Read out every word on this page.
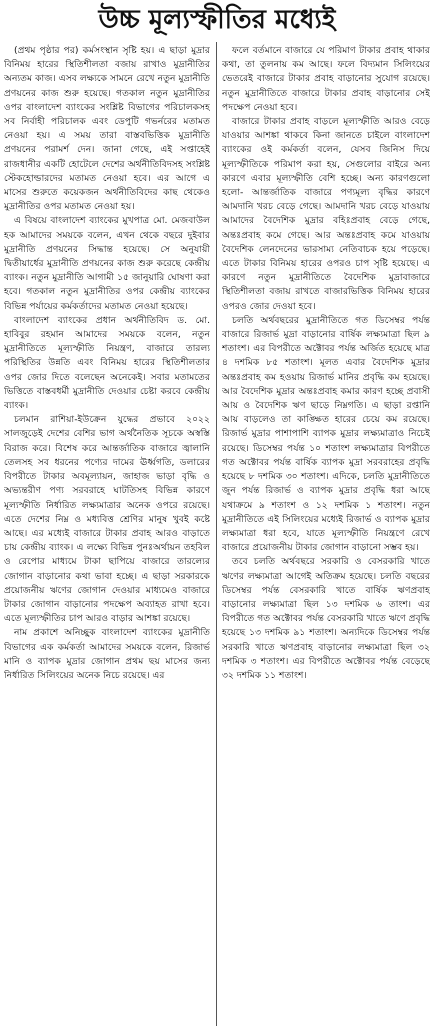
উচ্চ মূল্যস্ফীতির মধ্যেই

(প্রথম পৃষ্ঠার পর) কর্মসংস্থান সৃষ্টি হয়। এ ছাড়া মুদ্রার বিনিময় হারের স্থিতিশীলতা বজায় রাখাও মুদ্রানীতির অন্যতম কাজ। এসব লক্ষ্যকে সামনে রেখে নতুন মুদ্রানীতি প্রণয়নের কাজ শুরু হয়েছে। গতকাল নতুন মুদ্রানীতির ওপর বাংলাদেশ ব্যাংকের সংশ্লিষ্ট বিভাগের পরিচালকসহ সব নির্বাহী পরিচালক এবং ডেপুটি গভর্নরের মতামত নেওয়া হয়। এ সময় তারা বাস্তবভিত্তিক মুদ্রানীতি প্রণয়নের পরামর্শ দেন। জানা গেছে, এই সপ্তাহেই রাজধানীর একটি হোটেলে দেশের অর্থনীতিবিদসহ সংশ্লিষ্ট স্টেকহোল্ডারদের মতামত নেওয়া হবে। এর আগে এ মাসের শুরুতে কয়েকজন অর্থনীতিবিদের কাছ থেকেও মুদ্রানীতির ওপর মতামত নেওয়া হয়।

এ বিষয়ে বাংলাদেশ ব্যাংকের মুখপাত্র মো. মেজবাউল হক আমাদের সময়কে বলেন, এখন থেকে বছরে দুইবার মুদ্রানীতি প্রণয়নের সিদ্ধান্ত হয়েছে। সে অনুযায়ী দ্বিতীয়ার্ধের মুদ্রানীতি প্রণয়নের কাজ শুরু করেছে কেন্দ্রীয় ব্যাংক। নতুন মুদ্রানীতি আগামী ১৫ জানুয়ারি ঘোষণা করা হবে। গতকাল নতুন মুদ্রানীতির ওপর কেন্দ্রীয় ব্যাংকের বিভিন্ন পর্যায়ের কর্মকর্তাদের মতামত নেওয়া হয়েছে।

বাংলাদেশ ব্যাংকের প্রধান অর্থনীতিবিদ ড. মো. হাবিবুর রহমান আমাদের সময়কে বলেন, নতুন মুদ্রানীতিতে মূল্যস্ফীতি নিয়ন্ত্রণ, বাজারে তারল্য পরিস্থিতির উন্নতি এবং বিনিময় হারের স্থিতিশীলতার ওপর জোর দিতে বলেছেন অনেকেই। সবার মতামতের ভিত্তিতে বাস্তবধর্মী মুদ্রানীতি দেওয়ার চেষ্টা করবে কেন্দ্রীয় ব্যাংক।

চলমান রাশিয়া-ইউক্রেন যুদ্ধের প্রভাবে ২০২২ সালজুড়েই দেশের বেশির ভাগ অর্থনৈতিক সূচকে অস্বস্তি বিরাজ করে। বিশেষ করে আন্তর্জাতিক বাজারে জ্বালানি তেলসহ সব ধরনের পণ্যের দামের ঊর্ধ্বগতি, ডলারের বিপরীতে টাকার অবমূল্যায়ন, জাহাজ ভাড়া বৃদ্ধি ও অভ্যন্তরীণ পণ্য সরবরাহে ঘাটতিসহ বিভিন্ন কারণে মূল্যস্ফীতি নির্ধারিত লক্ষ্যমাত্রার অনেক ওপরে রয়েছে। এতে দেশের নিম্ন ও মধ্যবিত্ত শ্রেণির মানুষ খুবই কষ্টে আছে। এর মধ্যেই বাজারে টাকার প্রবাহ আরও বাড়াতে চায় কেন্দ্রীয় ব্যাংক। এ লক্ষ্যে বিভিন্ন পুনঃঅর্থায়ন তহবিল ও রেপোর মাধ্যমে টাকা ছাপিয়ে বাজারে তারল্যের জোগান বাড়ানোর কথা ভাবা হচ্ছে। এ ছাড়া সরকারকে প্রয়োজনীয় ঋণের জোগান দেওয়ার মাধ্যমেও বাজারে টাকার জোগান বাড়ানোর পদক্ষেপ অব্যাহত রাখা হবে। এতে মূল্যস্ফীতির চাপ আরও বাড়ার আশঙ্কা রয়েছে।

নাম প্রকাশে অনিচ্ছুক বাংলাদেশ ব্যাংকের মুদ্রানীতি বিভাগের এক কর্মকর্তা আমাদের সময়কে বলেন, রিজার্ভ মানি ও ব্যাপক মুদ্রার জোগান প্রথম ছয় মাসের জন্য নির্ধারিত সিলিংয়ের অনেক নিচে রয়েছে। এর

ফলে বর্তমানে বাজারে যে পরিমাণ টাকার প্রবাহ থাকার কথা, তা তুলনায় কম আছে। ফলে বিদ্যমান সিলিংয়ের ভেতরেই বাজারে টাকার প্রবাহ বাড়ানোর সুযোগ রয়েছে। নতুন মুদ্রানীতিতে বাজারে টাকার প্রবাহ বাড়ানোর সেই পদক্ষেপ নেওয়া হবে।

বাজারে টাকার প্রবাহ বাড়লে মূল্যস্ফীতি আরও বেড়ে যাওয়ার আশঙ্কা থাকবে কিনা জানতে চাইলে বাংলাদেশ ব্যাংকের ওই কর্মকর্তা বলেন, যেসব জিনিস দিয়ে মূল্যস্ফীতিকে পরিমাপ করা হয়, সেগুলোর বাইরে অন্য কারণে এবার মূল্যস্ফীতি বেশি হচ্ছে। অন্য কারণগুলো হলো- আন্তর্জাতিক বাজারে পণ্যমূল্য বৃদ্ধির কারণে আমদানি খরচ বেড়ে গেছে। আমদানি খরচ বেড়ে যাওয়ায় আমাদের বৈদেশিক মুদ্রার বহিঃপ্রবাহ বেড়ে গেছে, অন্তঃপ্রবাহ কমে গেছে। আর অন্তঃপ্রবাহ কমে যাওয়ায় বৈদেশিক লেনদেনের ভারসাম্য নেতিবাচক হয়ে পড়েছে। এতে টাকার বিনিময় হারের ওপরও চাপ সৃষ্টি হয়েছে। এ কারণে নতুন মুদ্রানীতিতে বৈদেশিক মুদ্রাবাজারে স্থিতিশীলতা বজায় রাখতে বাজারভিত্তিক বিনিময় হারের ওপরও জোর দেওয়া হবে।

চলতি অর্থবছরের মুদ্রানীতিতে গত ডিসেম্বর পর্যন্ত বাজারে রিজার্ভ মুদ্রা বাড়ানোর বার্ষিক লক্ষ্যমাত্রা ছিল ৯ শতাংশ। এর বিপরীতে অক্টোবর পর্যন্ত অর্জিত হয়েছে মাত্র ৪ দশমিক ৮৫ শতাংশ। মূলত এবার বৈদেশিক মুদ্রার অন্তঃপ্রবাহ কম হওয়ায় রিজার্ভ মানির প্রবৃদ্ধি কম হয়েছে। আর বৈদেশিক মুদ্রার অন্তঃপ্রবাহ কমার কারণ হচ্ছে প্রবাসী আয় ও বৈদেশিক ঋণ ছাড়ে নিম্নগতি। এ ছাড়া রপ্তানি আয় বাড়লেও তা কাঙ্ক্ষিত হারের চেয়ে কম রয়েছে। রিজার্ভ মুদ্রার পাশাপাশি ব্যাপক মুদ্রার লক্ষ্যমাত্রাও নিচেই রয়েছে। ডিসেম্বর পর্যন্ত ১০ শতাংশ লক্ষ্যমাত্রার বিপরীতে গত অক্টোবর পর্যন্ত বার্ষিক ব্যাপক মুদ্রা সরবরাহের প্রবৃদ্ধি হয়েছে ৮ দশমিক ৩০ শতাংশ। এদিকে, চলতি মুদ্রানীতিতে জুন পর্যন্ত রিজার্ভ ও ব্যাপক মুদ্রার প্রবৃদ্ধি ধরা আছে যথাক্রমে ৯ শতাংশ ও ১২ দশমিক ১ শতাংশ। নতুন মুদ্রানীতিতে এই সিলিংয়ের মধ্যেই রিজার্ভ ও ব্যাপক মুদ্রার লক্ষ্যমাত্রা ধরা হবে, যাতে মূল্যস্ফীতি নিয়ন্ত্রণে রেখে বাজারে প্রয়োজনীয় টাকার জোগান বাড়ানো সম্ভব হয়।

তবে চলতি অর্থবছরে সরকারি ও বেসরকারি খাতে ঋণের লক্ষ্যমাত্রা আগেই অতিক্রম হয়েছে। চলতি বছরের ডিসেম্বর পর্যন্ত বেসরকারি খাতে বার্ষিক ঋণপ্রবাহ বাড়ানোর লক্ষ্যমাত্রা ছিল ১৩ দশমিক ৬ তাংশ। এর বিপরীতে গত অক্টোবর পর্যন্ত বেসরকারি খাতে ঋণে প্রবৃদ্ধি হয়েছে ১৩ দশমিক ৯১ শতাংশ। অন্যদিকে ডিসেম্বর পর্যন্ত সরকারি খাতে ঋণপ্রবাহ বাড়ানোর লক্ষ্যমাত্রা ছিল ৩২ দশমিক ৩ শতাংশ। এর বিপরীতে অক্টোবর পর্যন্ত বেড়েছে ৩২ দশমিক ১১ শতাংশ।
